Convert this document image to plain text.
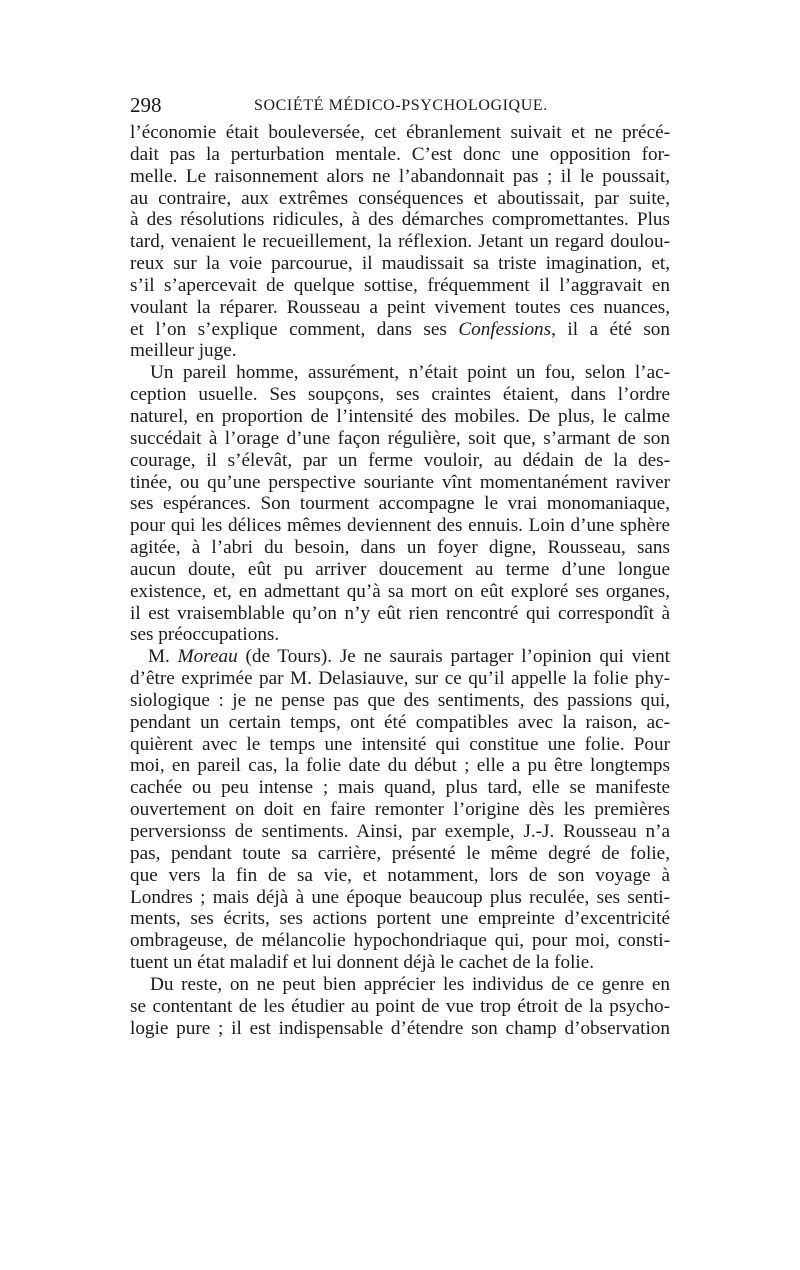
298	SOCIÉTÉ MÉDICO-PSYCHOLOGIQUE.
l’économie était bouleversée, cet ébranlement suivait et ne précé-
dait pas la perturbation mentale. C’est donc une opposition for-
melle. Le raisonnement alors ne l’abandonnait pas ; il le poussait,
au contraire, aux extrêmes conséquences et aboutissait, par suite,
à des résolutions ridicules, à des démarches compromettantes. Plus
tard, venaient le recueillement, la réflexion. Jetant un regard doulou-
reux sur la voie parcourue, il maudissait sa triste imagination, et,
s’il s’apercevait de quelque sottise, fréquemment il l’aggravait en
voulant la réparer. Rousseau a peint vivement toutes ces nuances,
et l’on s’explique comment, dans ses Confessions, il a été son
meilleur juge.
Un pareil homme, assurément, n’était point un fou, selon l’ac-
ception usuelle. Ses soupçons, ses craintes étaient, dans l’ordre
naturel, en proportion de l’intensité des mobiles. De plus, le calme
succédait à l’orage d’une façon régulière, soit que, s’armant de son
courage, il s’élevât, par un ferme vouloir, au dédain de la des-
tinée, ou qu’une perspective souriante vînt momentanément raviver
ses espérances. Son tourment accompagne le vrai monomaniaque,
pour qui les délices mêmes deviennent des ennuis. Loin d’une sphère
agitée, à l’abri du besoin, dans un foyer digne, Rousseau, sans
aucun doute, eût pu arriver doucement au terme d’une longue
existence, et, en admettant qu’à sa mort on eût exploré ses organes,
il est vraisemblable qu’on n’y eût rien rencontré qui correspondît à
ses préoccupations.
M. Moreau (de Tours). Je ne saurais partager l’opinion qui vient
d’être exprimée par M. Delasiauve, sur ce qu’il appelle la folie phy-
siologique : je ne pense pas que des sentiments, des passions qui,
pendant un certain temps, ont été compatibles avec la raison, ac-
quièrent avec le temps une intensité qui constitue une folie. Pour
moi, en pareil cas, la folie date du début ; elle a pu être longtemps
cachée ou peu intense ; mais quand, plus tard, elle se manifeste
ouvertement on doit en faire remonter l’origine dès les premières
perversionss de sentiments. Ainsi, par exemple, J.-J. Rousseau n’a
pas, pendant toute sa carrière, présenté le même degré de folie,
que vers la fin de sa vie, et notamment, lors de son voyage à
Londres ; mais déjà à une époque beaucoup plus reculée, ses senti-
ments, ses écrits, ses actions portent une empreinte d’excentricité
ombrageuse, de mélancolie hypochondriaque qui, pour moi, consti-
tuent un état maladif et lui donnent déjà le cachet de la folie.
Du reste, on ne peut bien apprécier les individus de ce genre en
se contentant de les étudier au point de vue trop étroit de la psycho-
logie pure ; il est indispensable d’étendre son champ d’observation
